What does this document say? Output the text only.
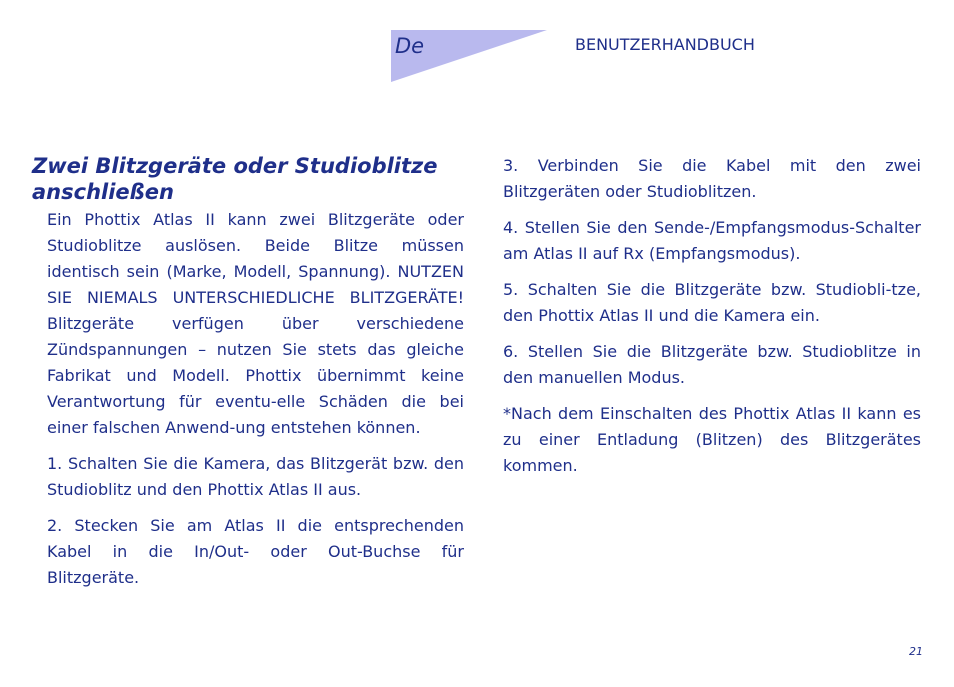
De	BENUTZERHANDBUCH
Zwei Blitzgeräte oder Studioblitze anschließen

Ein Phottix Atlas II kann zwei Blitzgeräte oder Studioblitze auslösen. Beide Blitze müssen identisch sein (Marke, Modell, Spannung). NUTZEN SIE NIEMALS UNTERSCHIEDLICHE BLITZGERÄTE! Blitzgeräte verfügen über verschiedene Zündspannungen – nutzen Sie stets das gleiche Fabrikat und Modell. Phottix übernimmt keine Verantwortung für eventu-elle Schäden die bei einer falschen Anwend-ung entstehen können.

1. Schalten Sie die Kamera, das Blitzgerät bzw. den Studioblitz und den Phottix Atlas II aus.

2. Stecken Sie am Atlas II die entsprechenden Kabel in die In/Out- oder Out-Buchse für Blitzgeräte.

3. Verbinden Sie die Kabel mit den zwei Blitzgeräten oder Studioblitzen.

4. Stellen Sie den Sende-/Empfangsmodus-Schalter am Atlas II auf Rx (Empfangsmodus).

5. Schalten Sie die Blitzgeräte bzw. Studiobli-tze, den Phottix Atlas II und die Kamera ein.

6. Stellen Sie die Blitzgeräte bzw. Studioblitze in den manuellen Modus.

*Nach dem Einschalten des Phottix Atlas II kann es zu einer Entladung (Blitzen) des Blitzgerätes kommen.

21
